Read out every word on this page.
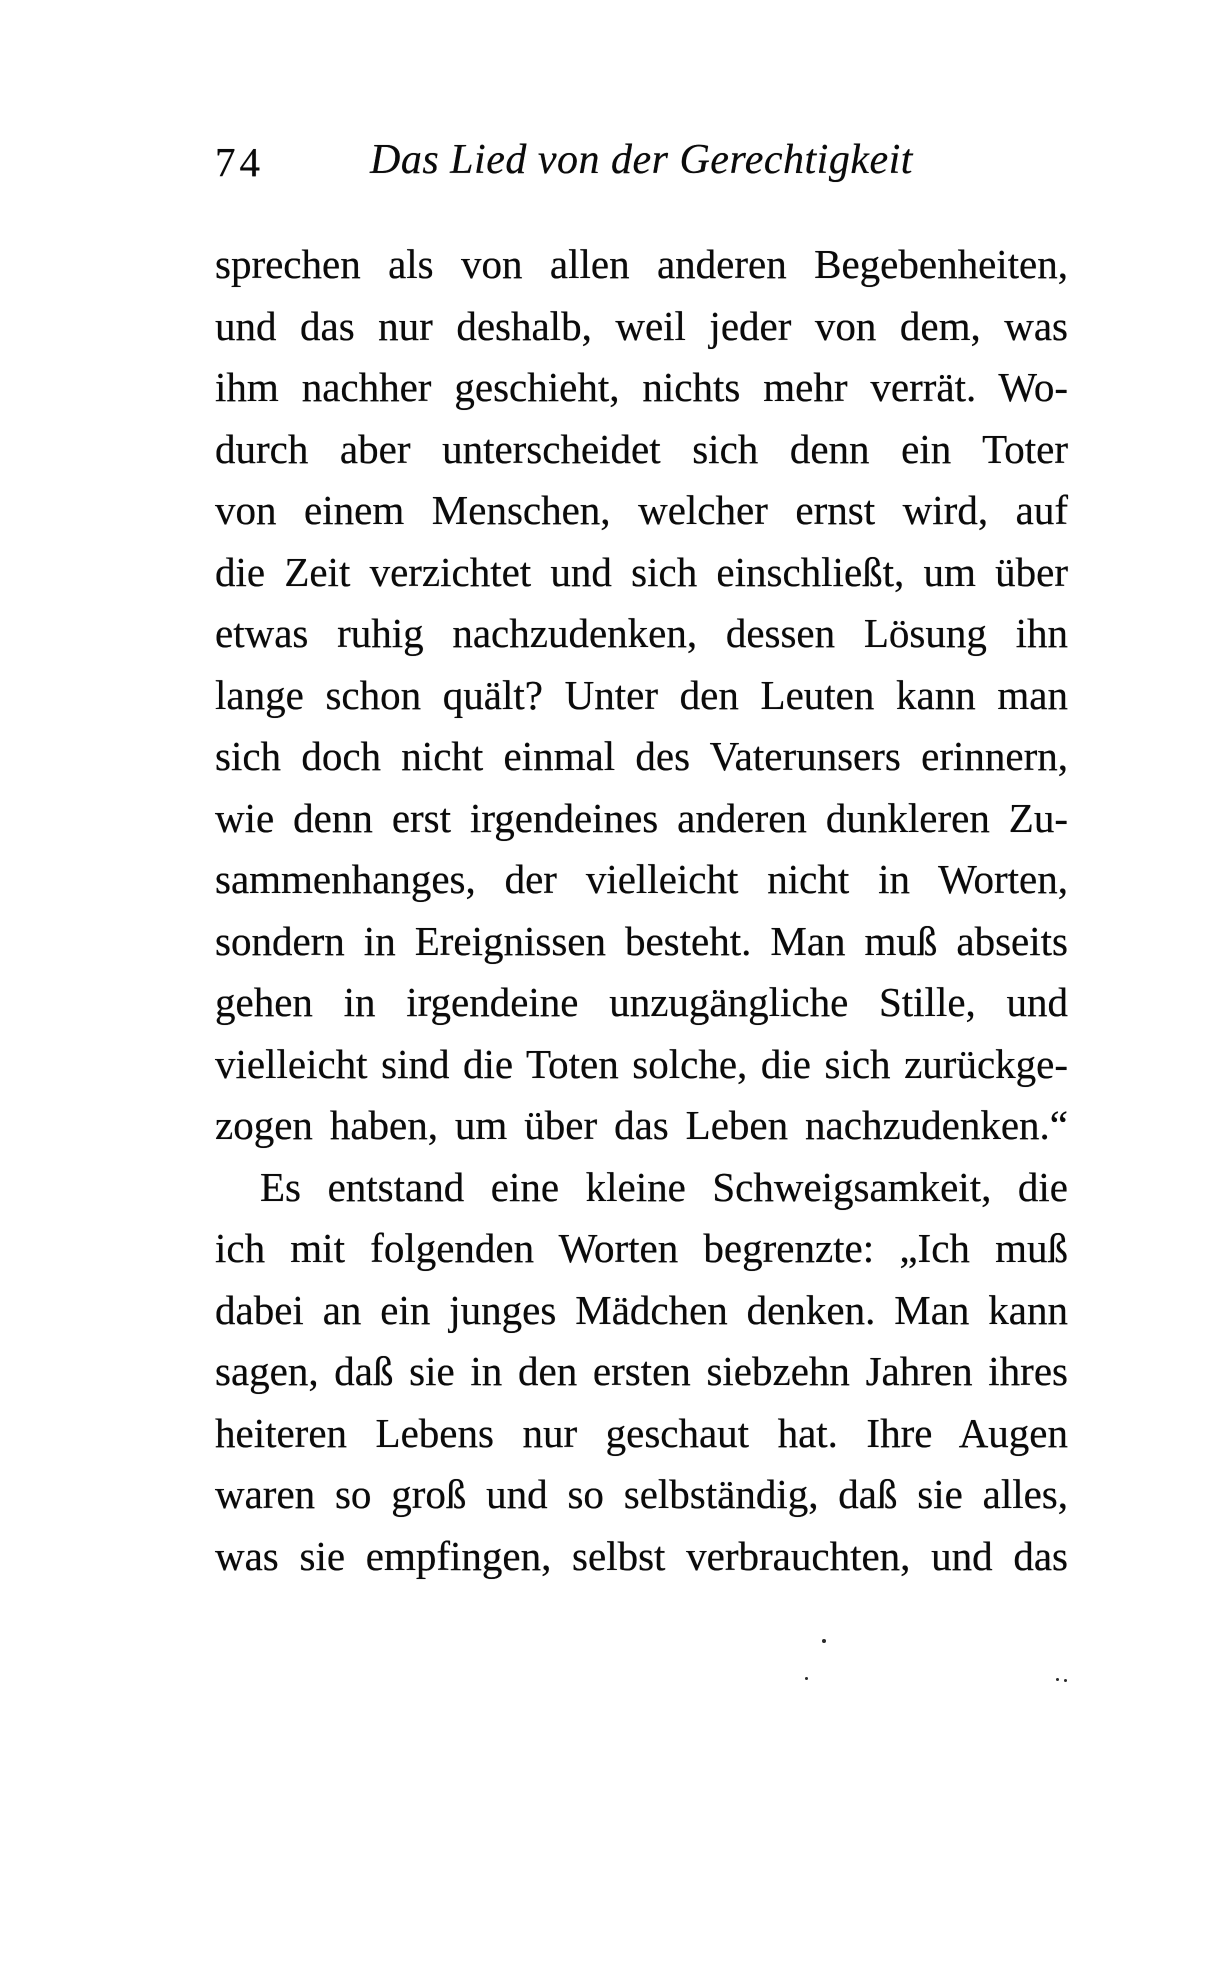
74	Das Lied von der Gerechtigkeit
sprechen als von allen anderen Begebenheiten,
und das nur deshalb, weil jeder von dem, was
ihm nachher geschieht, nichts mehr verrät. Wo-
durch aber unterscheidet sich denn ein Toter
von einem Menschen, welcher ernst wird, auf
die Zeit verzichtet und sich einschließt, um über
etwas ruhig nachzudenken, dessen Lösung ihn
lange schon quält? Unter den Leuten kann man
sich doch nicht einmal des Vaterunsers erinnern,
wie denn erst irgendeines anderen dunkleren Zu-
sammenhanges, der vielleicht nicht in Worten,
sondern in Ereignissen besteht. Man muß abseits
gehen in irgendeine unzugängliche Stille, und
vielleicht sind die Toten solche, die sich zurückge-
zogen haben, um über das Leben nachzudenken.“
Es entstand eine kleine Schweigsamkeit, die
ich mit folgenden Worten begrenzte: „Ich muß
dabei an ein junges Mädchen denken. Man kann
sagen, daß sie in den ersten siebzehn Jahren ihres
heiteren Lebens nur geschaut hat. Ihre Augen
waren so groß und so selbständig, daß sie alles,
was sie empfingen, selbst verbrauchten, und das
